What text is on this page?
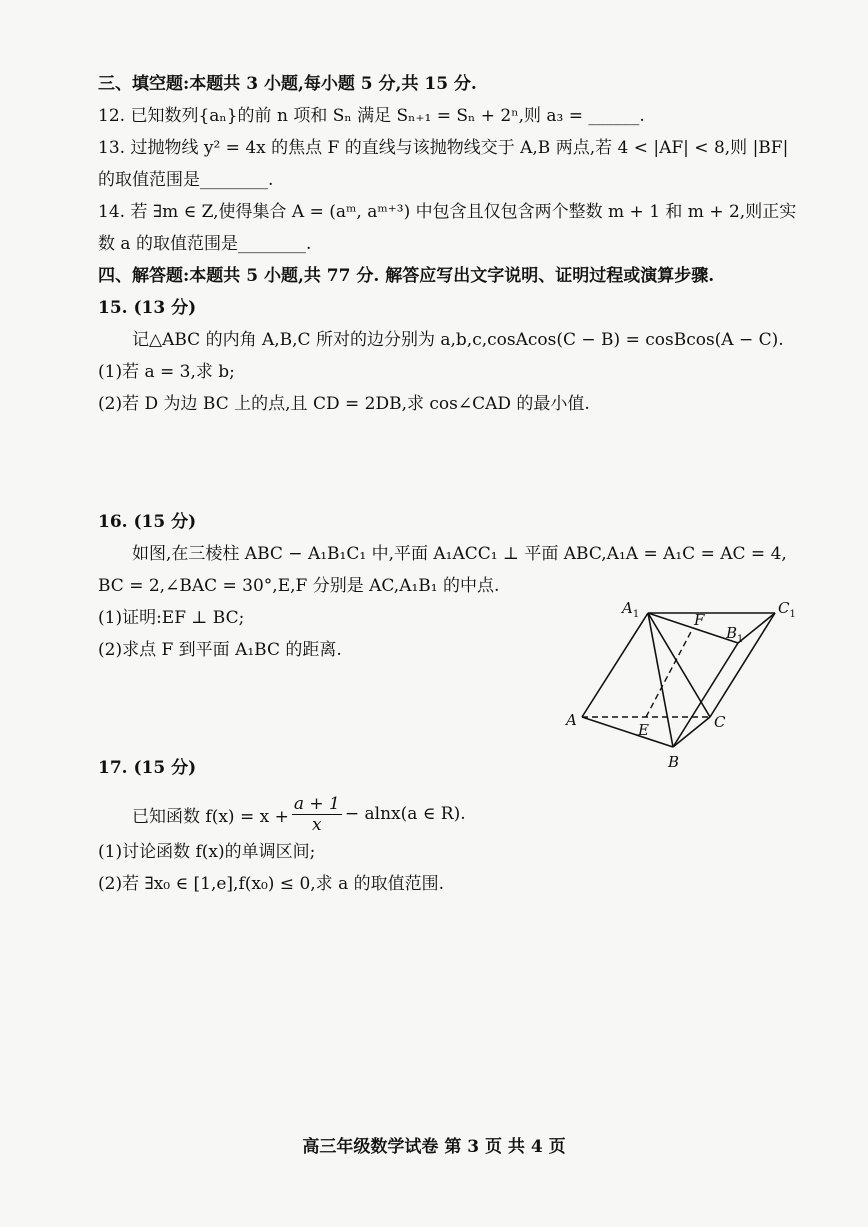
三、填空题:本题共 3 小题,每小题 5 分,共 15 分.
12. 已知数列{aₙ}的前 n 项和 Sₙ 满足 Sₙ₊₁ = Sₙ + 2ⁿ,则 a₃ = ______.
13. 过抛物线 y² = 4x 的焦点 F 的直线与该抛物线交于 A,B 两点,若 4 < |AF| < 8,则 |BF|
的取值范围是________.
14. 若 ∃m ∈ Z,使得集合 A = (aᵐ, aᵐ⁺³) 中包含且仅包含两个整数 m + 1 和 m + 2,则正实
数 a 的取值范围是________.
四、解答题:本题共 5 小题,共 77 分. 解答应写出文字说明、证明过程或演算步骤.
15. (13 分)
记△ABC 的内角 A,B,C 所对的边分别为 a,b,c,cosAcos(C − B) = cosBcos(A − C).
(1)若 a = 3,求 b;
(2)若 D 为边 BC 上的点,且 CD = 2DB,求 cos∠CAD 的最小值.
16. (15 分)
如图,在三棱柱 ABC − A₁B₁C₁ 中,平面 A₁ACC₁ ⊥ 平面 ABC,A₁A = A₁C = AC = 4,
BC = 2,∠BAC = 30°,E,F 分别是 AC,A₁B₁ 的中点.
(1)证明:EF ⊥ BC;
(2)求点 F 到平面 A₁BC 的距离.
$A_1$	$C_1$
F
$B_1$
A
E	C
B
17. (15 分)
已知函数 $f(x) = x + \frac{a + 1}{x} - alnx(a$ ∈ R).
(1)讨论函数 f(x)的单调区间;
(2)若 ∃x₀ ∈ [1,e],f(x₀) ≤ 0,求 a 的取值范围.
高三年级数学试卷 第 3 页 共 4 页
